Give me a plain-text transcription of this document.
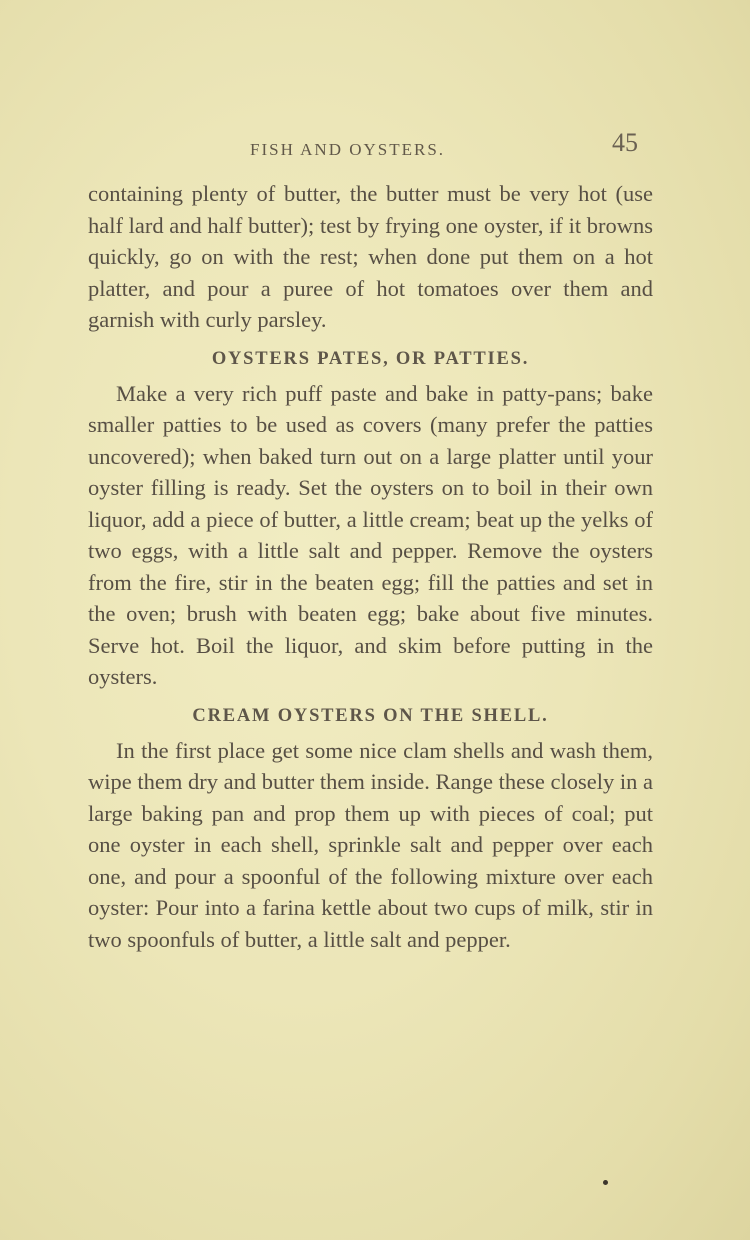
FISH AND OYSTERS.	45

containing plenty of butter, the butter must be very hot (use half lard and half butter); test by frying one oyster, if it browns quickly, go on with the rest; when done put them on a hot platter, and pour a puree of hot tomatoes over them and garnish with curly parsley.

OYSTERS PATES, OR PATTIES.

Make a very rich puff paste and bake in patty-pans; bake smaller patties to be used as covers (many prefer the patties uncovered); when baked turn out on a large platter until your oyster filling is ready. Set the oysters on to boil in their own liquor, add a piece of butter, a little cream; beat up the yelks of two eggs, with a little salt and pepper. Remove the oysters from the fire, stir in the beaten egg; fill the patties and set in the oven; brush with beaten egg; bake about five minutes. Serve hot. Boil the liquor, and skim before putting in the oysters.

CREAM OYSTERS ON THE SHELL.

In the first place get some nice clam shells and wash them, wipe them dry and butter them inside. Range these closely in a large baking pan and prop them up with pieces of coal; put one oyster in each shell, sprinkle salt and pepper over each one, and pour a spoonful of the following mixture over each oyster: Pour into a farina kettle about two cups of milk, stir in two spoonfuls of butter, a little salt and pepper.
